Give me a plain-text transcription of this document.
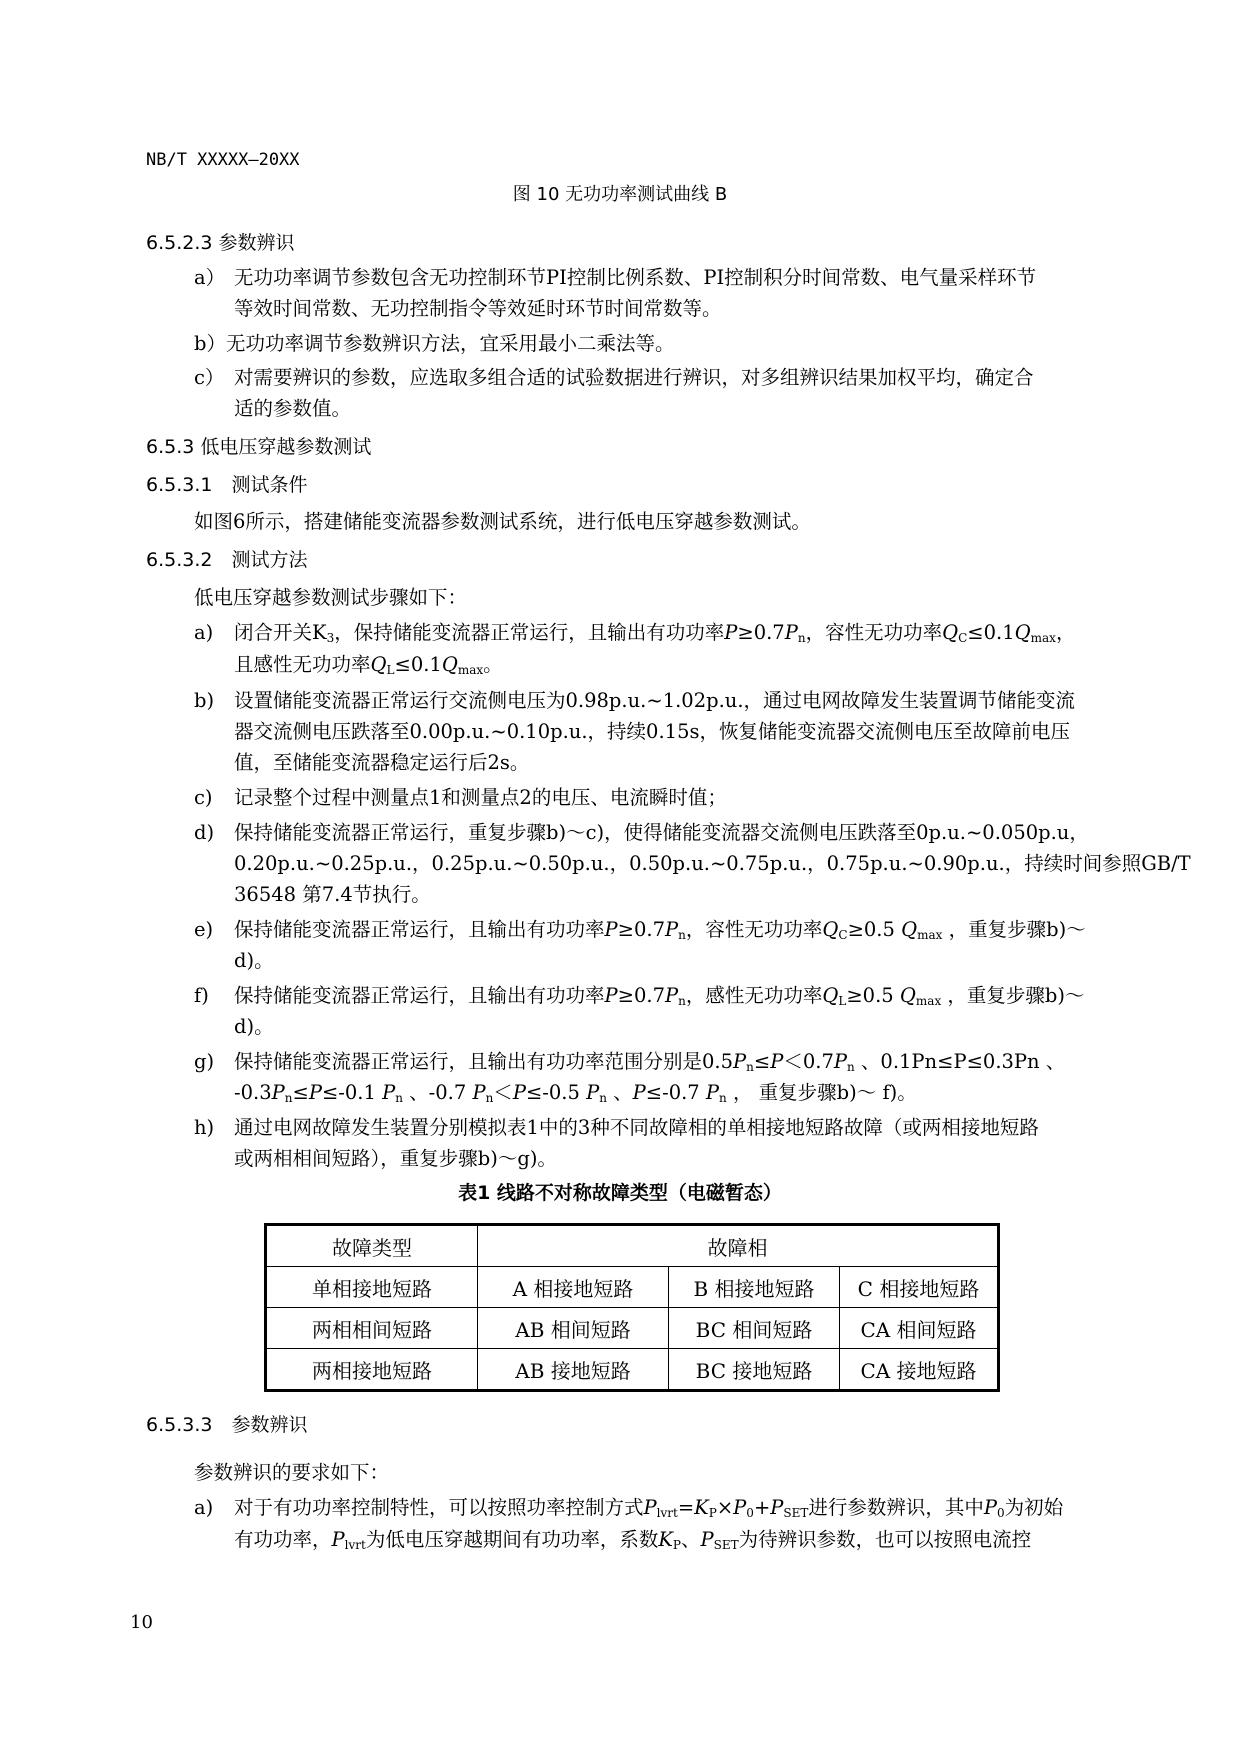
NB/T XXXXX—20XX
图 10 无功功率测试曲线 B
6.5.2.3 参数辨识
a） 无功功率调节参数包含无功控制环节PI控制比例系数、PI控制积分时间常数、电气量采样环节
等效时间常数、无功控制指令等效延时环节时间常数等。
b）无功功率调节参数辨识方法，宜采用最小二乘法等。
c） 对需要辨识的参数，应选取多组合适的试验数据进行辨识，对多组辨识结果加权平均，确定合
适的参数值。
6.5.3 低电压穿越参数测试
6.5.3.1　测试条件
如图6所示，搭建储能变流器参数测试系统，进行低电压穿越参数测试。
6.5.3.2　测试方法
低电压穿越参数测试步骤如下：
a) 闭合开关$K_3$，保持储能变流器正常运行，且输出有功功率$P\ge 0.7P_n$，容性无功功率$Q_C\le 0.1Q_{max}$，
且感性无功功率$Q_L\le 0.1Q_{max}$。
b) 设置储能变流器正常运行交流侧电压为0.98p.u.~1.02p.u.，通过电网故障发生装置调节储能变流
器交流侧电压跌落至0.00p.u.~0.10p.u.，持续0.15s，恢复储能变流器交流侧电压至故障前电压
值，至储能变流器稳定运行后2s。
c) 记录整个过程中测量点1和测量点2的电压、电流瞬时值；
d) 保持储能变流器正常运行，重复步骤b)～c)，使得储能变流器交流侧电压跌落至0p.u.~0.050p.u，
0.20p.u.~0.25p.u.，0.25p.u.~0.50p.u.，0.50p.u.~0.75p.u.，0.75p.u.~0.90p.u.，持续时间参照GB/T
36548 第7.4节执行。
e) 保持储能变流器正常运行，且输出有功功率$P\ge 0.7P_n$，容性无功功率$Q_C\ge 0.5$ $Q_{max}$ ，重复步骤b)～
d)。
f) 保持储能变流器正常运行，且输出有功功率$P\ge 0.7P_n$，感性无功功率$Q_L\ge 0.5$ $Q_{max}$ ，重复步骤b)～
d)。
g) 保持储能变流器正常运行，且输出有功功率范围分别是$0.5P_n\le P<0.7P_n$ 、0.1Pn≤P≤0.3Pn 、
$-0.3P_n\le P\le-0.1$ $P_n$ 、-0.7 $P_n<P\le-0.5$ $P_n$ 、P≤-0.7 $P_n$ ， 重复步骤b)～ f)。
h) 通过电网故障发生装置分别模拟表1中的3种不同故障相的单相接地短路故障（或两相接地短路
或两相相间短路），重复步骤b)～g)。
表1 线路不对称故障类型（电磁暂态）
故障类型	故障相		
单相接地短路	A 相接地短路	B 相接地短路	C 相接地短路
两相相间短路	AB 相间短路	BC 相间短路	CA 相间短路
两相接地短路	AB 接地短路	BC 接地短路	CA 接地短路
6.5.3.3　参数辨识
参数辨识的要求如下：
a) 对于有功功率控制特性，可以按照功率控制方式$P_{lvrt}=K_P\times P_0+P_{SET}$进行参数辨识，其中$P_0$为初始
有功功率，$P_{lvrt}$为低电压穿越期间有功功率，系数$K_P$、$P_{SET}$为待辨识参数，也可以按照电流控
10
